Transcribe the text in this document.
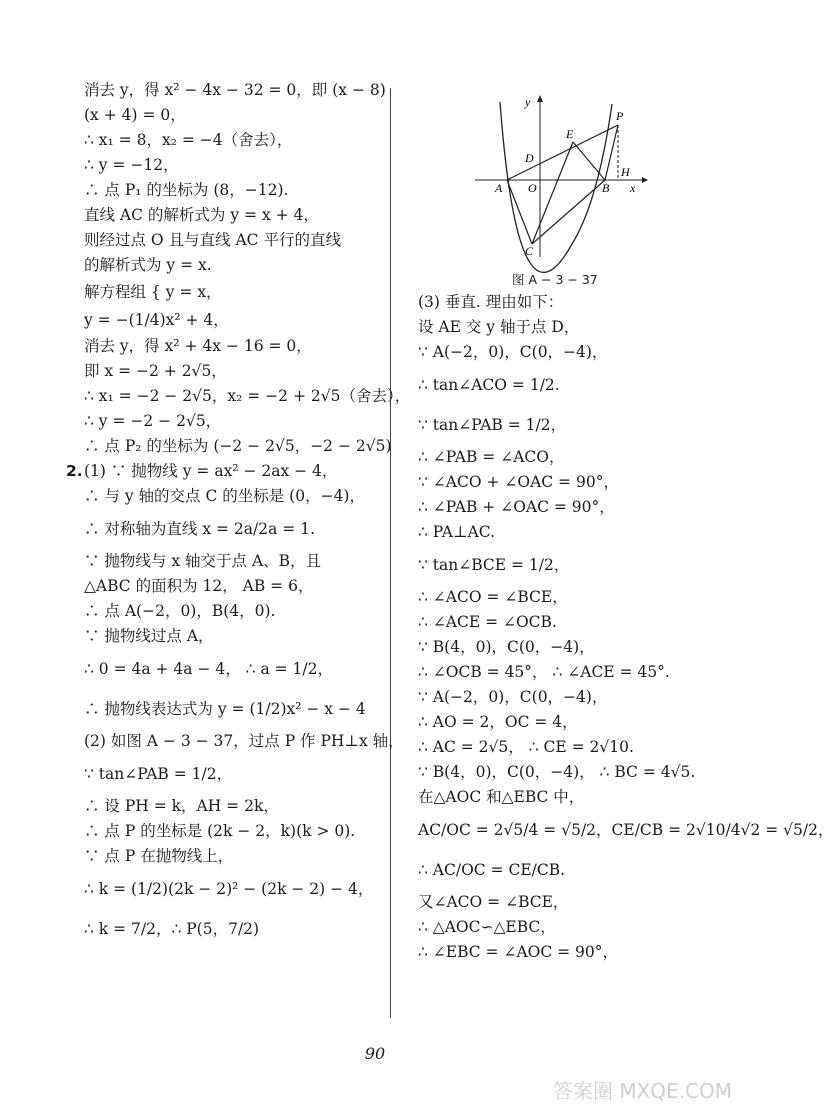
消去 y，得 x² − 4x − 32 = 0，即 (x − 8)
(x + 4) = 0，
∴ x₁ = 8，x₂ = −4（舍去），
∴ y = −12，
∴ 点 P₁ 的坐标为 (8，−12).
直线 AC 的解析式为 y = x + 4，
则经过点 O 且与直线 AC 平行的直线
的解析式为 y = x.
解方程组 { y = x，
y = −(1/4)x² + 4，
消去 y，得 x² + 4x − 16 = 0，
即 x = −2 + 2√5，
∴ x₁ = −2 − 2√5，x₂ = −2 + 2√5（舍去），
∴ y = −2 − 2√5，
∴ 点 P₂ 的坐标为 (−2 − 2√5，−2 − 2√5)
2. (1) ∵ 抛物线 y = ax² − 2ax − 4，
∴ 与 y 轴的交点 C 的坐标是 (0，−4)，
∴ 对称轴为直线 x = 2a/2a = 1.
∵ 抛物线与 x 轴交于点 A、B，且
△ABC 的面积为 12， AB = 6，
∴ 点 A(−2，0)，B(4，0).
∵ 抛物线过点 A，
∴ 0 = 4a + 4a − 4， ∴ a = 1/2，
∴ 抛物线表达式为 y = (1/2)x² − x − 4
(2) 如图 A − 3 − 37，过点 P 作 PH⊥x 轴，
∵ tan∠PAB = 1/2，
∴ 设 PH = k，AH = 2k，
∴ 点 P 的坐标是 (2k − 2，k)(k > 0).
∵ 点 P 在抛物线上，
∴ k = (1/2)(2k − 2)² − (2k − 2) − 4，
∴ k = 7/2，∴ P(5，7/2)
(3) 垂直. 理由如下：
设 AE 交 y 轴于点 D，
∵ A(−2，0)，C(0，−4)，
∴ tan∠ACO = 1/2.
∵ tan∠PAB = 1/2，
∴ ∠PAB = ∠ACO，
∵ ∠ACO + ∠OAC = 90°，
∴ ∠PAB + ∠OAC = 90°，
∴ PA⊥AC.
∵ tan∠BCE = 1/2，
∴ ∠ACO = ∠BCE，
∴ ∠ACE = ∠OCB.
∵ B(4，0)，C(0，−4)，
∴ ∠OCB = 45°， ∴ ∠ACE = 45°.
∵ A(−2，0)，C(0，−4)，
∴ AO = 2，OC = 4，
∴ AC = 2√5， ∴ CE = 2√10.
∵ B(4，0)，C(0，−4)， ∴ BC = 4√5.
在△AOC 和△EBC 中，
AC/OC = 2√5/4 = √5/2，CE/CB = 2√10/4√2 = √5/2，
∴ AC/OC = CE/CB.
又∠ACO = ∠BCE，
∴ △AOC∽△EBC，
∴ ∠EBC = ∠AOC = 90°，
y
x
P
E
D
A O	B
H
C
图 A − 3 − 37
90
答案圈 MXQE.COM
